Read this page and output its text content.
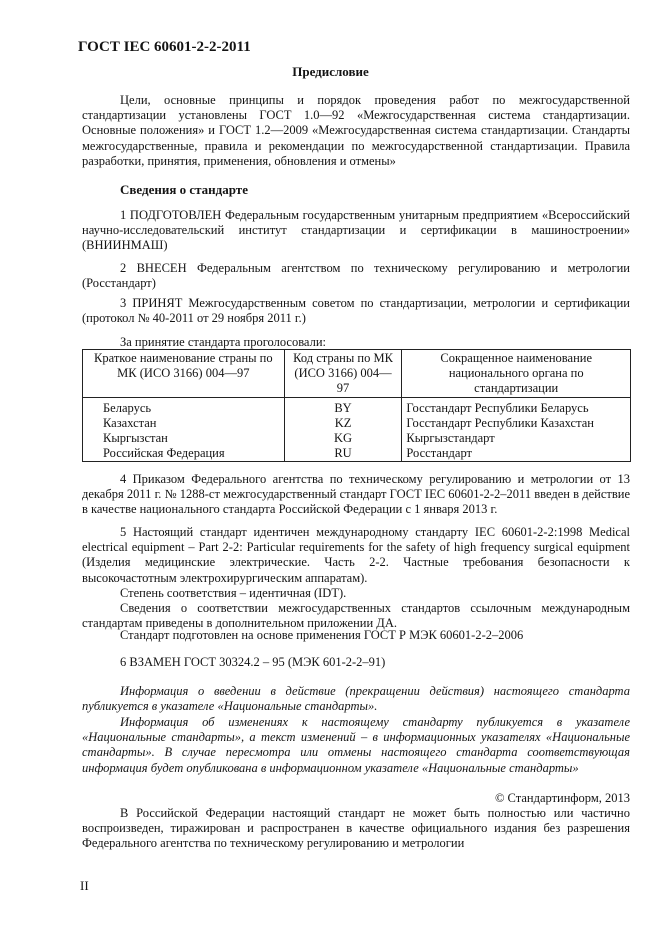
ГОСТ IEC 60601-2-2-2011
Предисловие
Цели, основные принципы и порядок проведения работ по межгосударственной стандартизации установлены ГОСТ 1.0—92 «Межгосударственная система стандартизации. Основные положения» и ГОСТ 1.2—2009 «Межгосударственная система стандартизации. Стандарты межгосударственные, правила и рекомендации по межгосударственной стандартизации. Правила разработки, принятия, применения, обновления и отмены»
Сведения о стандарте
1 ПОДГОТОВЛЕН Федеральным государственным унитарным предприятием «Всероссийский научно-исследовательский институт стандартизации и сертификации в машиностроении» (ВНИИНМАШ)
2 ВНЕСЕН Федеральным агентством по техническому регулированию и метрологии (Росстандарт)
3 ПРИНЯТ Межгосударственным советом по стандартизации, метрологии и сертификации (протокол № 40-2011 от 29 ноября 2011 г.)
За принятие стандарта проголосовали:
Краткое наименование страны по МК (ИСО 3166) 004—97	Код страны по МК (ИСО 3166) 004—97	Сокращенное наименование национального органа по стандартизации
Беларусь	BY	Госстандарт Республики Беларусь
Казахстан	KZ	Госстандарт Республики Казахстан
Кыргызстан	KG	Кыргызстандарт
Российская Федерация	RU	Росстандарт
4 Приказом Федерального агентства по техническому регулированию и метрологии от 13 декабря 2011 г. № 1288-ст межгосударственный стандарт ГОСТ IEC 60601-2-2–2011 введен в действие в качестве национального стандарта Российской Федерации с 1 января 2013 г.
5 Настоящий стандарт идентичен международному стандарту IEC 60601-2-2:1998 Medical electrical equipment – Part 2-2: Particular requirements for the safety of high frequency surgical equipment (Изделия медицинские электрические. Часть 2-2. Частные требования безопасности к высокочастотным электрохирургическим аппаратам).
Степень соответствия – идентичная (IDT).
Сведения о соответствии межгосударственных стандартов ссылочным международным стандартам приведены в дополнительном приложении ДА.
Стандарт подготовлен на основе применения ГОСТ Р МЭК 60601-2-2–2006
6 ВЗАМЕН ГОСТ 30324.2 – 95 (МЭК 601-2-2–91)
Информация о введении в действие (прекращении действия) настоящего стандарта публикуется в указателе «Национальные стандарты».
Информация об изменениях к настоящему стандарту публикуется в указателе «Национальные стандарты», а текст изменений – в информационных указателях «Национальные стандарты». В случае пересмотра или отмены настоящего стандарта соответствующая информация будет опубликована в информационном указателе «Национальные стандарты»
© Стандартинформ, 2013
В Российской Федерации настоящий стандарт не может быть полностью или частично воспроизведен, тиражирован и распространен в качестве официального издания без разрешения Федерального агентства по техническому регулированию и метрологии
II
